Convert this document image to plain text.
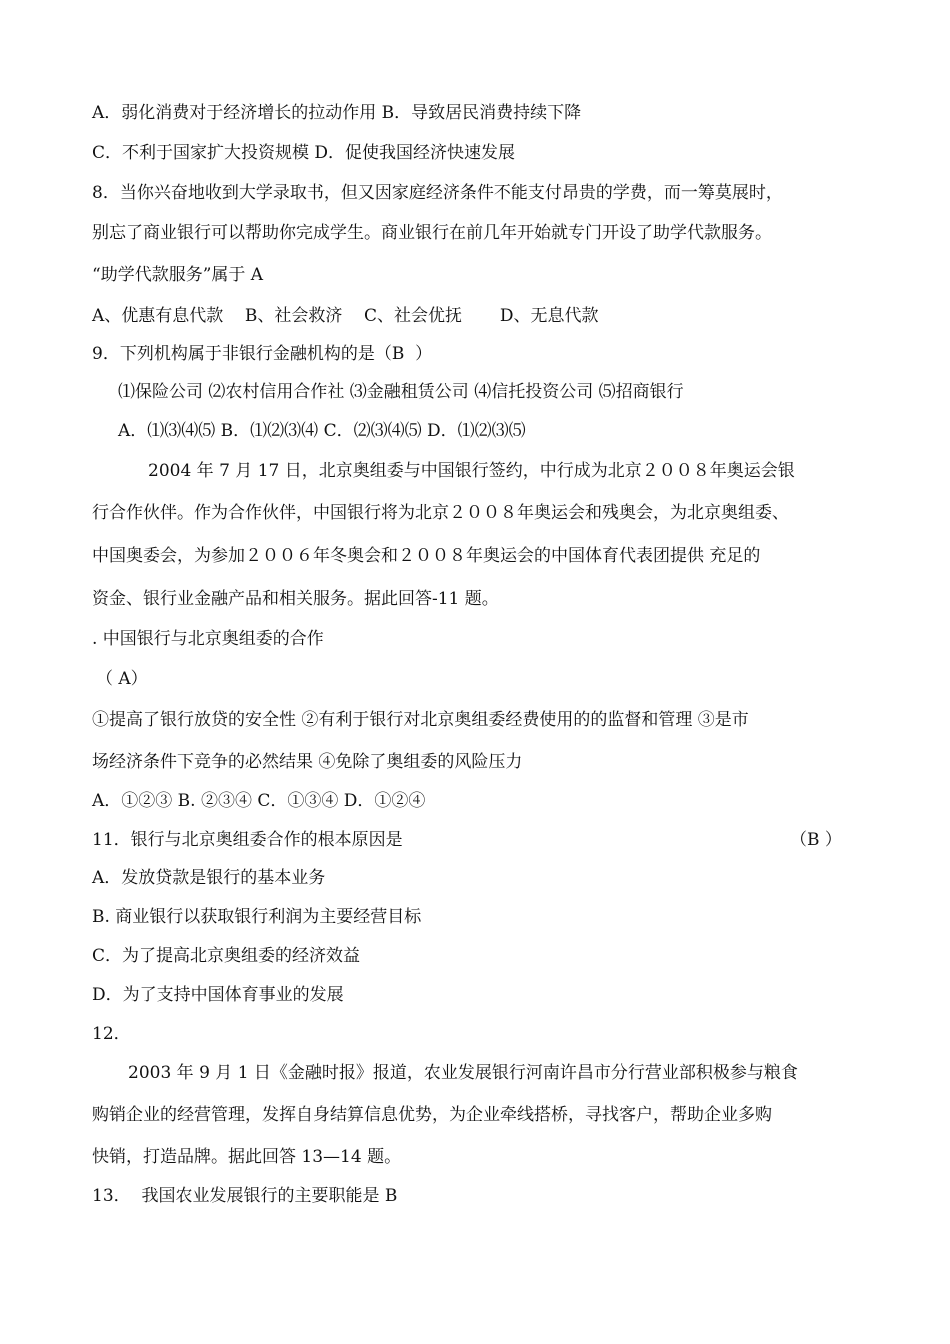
A．弱化消费对于经济增长的拉动作用 B．导致居民消费持续下降
C．不利于国家扩大投资规模 D．促使我国经济快速发展
8．当你兴奋地收到大学录取书，但又因家庭经济条件不能支付昂贵的学费，而一筹莫展时，
别忘了商业银行可以帮助你完成学生。商业银行在前几年开始就专门开设了助学代款服务。
“助学代款服务”属于 A
A、优惠有息代款    B、社会救济    C、社会优抚       D、无息代款
9．下列机构属于非银行金融机构的是（B  ）
⑴保险公司 ⑵农村信用合作社 ⑶金融租赁公司 ⑷信托投资公司 ⑸招商银行
A．⑴⑶⑷⑸ B．⑴⑵⑶⑷ C．⑵⑶⑷⑸ D．⑴⑵⑶⑸
2004 年 7 月 17 日，北京奥组委与中国银行签约，中行成为北京２００８年奥运会银
行合作伙伴。作为合作伙伴，中国银行将为北京２００８年奥运会和残奥会，为北京奥组委、
中国奥委会，为参加２００６年冬奥会和２００８年奥运会的中国体育代表团提供 充足的
资金、银行业金融产品和相关服务。据此回答-11 题。
. 中国银行与北京奥组委的合作
（ A）
①提高了银行放贷的安全性 ②有利于银行对北京奥组委经费使用的的监督和管理 ③是市
场经济条件下竞争的必然结果 ④免除了奥组委的风险压力
A．①②③ B. ②③④ C．①③④ D．①②④
11．银行与北京奥组委合作的根本原因是	（B ）
A．发放贷款是银行的基本业务
B. 商业银行以获取银行利润为主要经营目标
C．为了提高北京奥组委的经济效益
D．为了支持中国体育事业的发展
12．
2003 年 9 月 1 日《金融时报》报道，农业发展银行河南许昌市分行营业部积极参与粮食
购销企业的经营管理，发挥自身结算信息优势，为企业牵线搭桥，寻找客户，帮助企业多购
快销，打造品牌。据此回答 13—14 题。
13．  我国农业发展银行的主要职能是 B
